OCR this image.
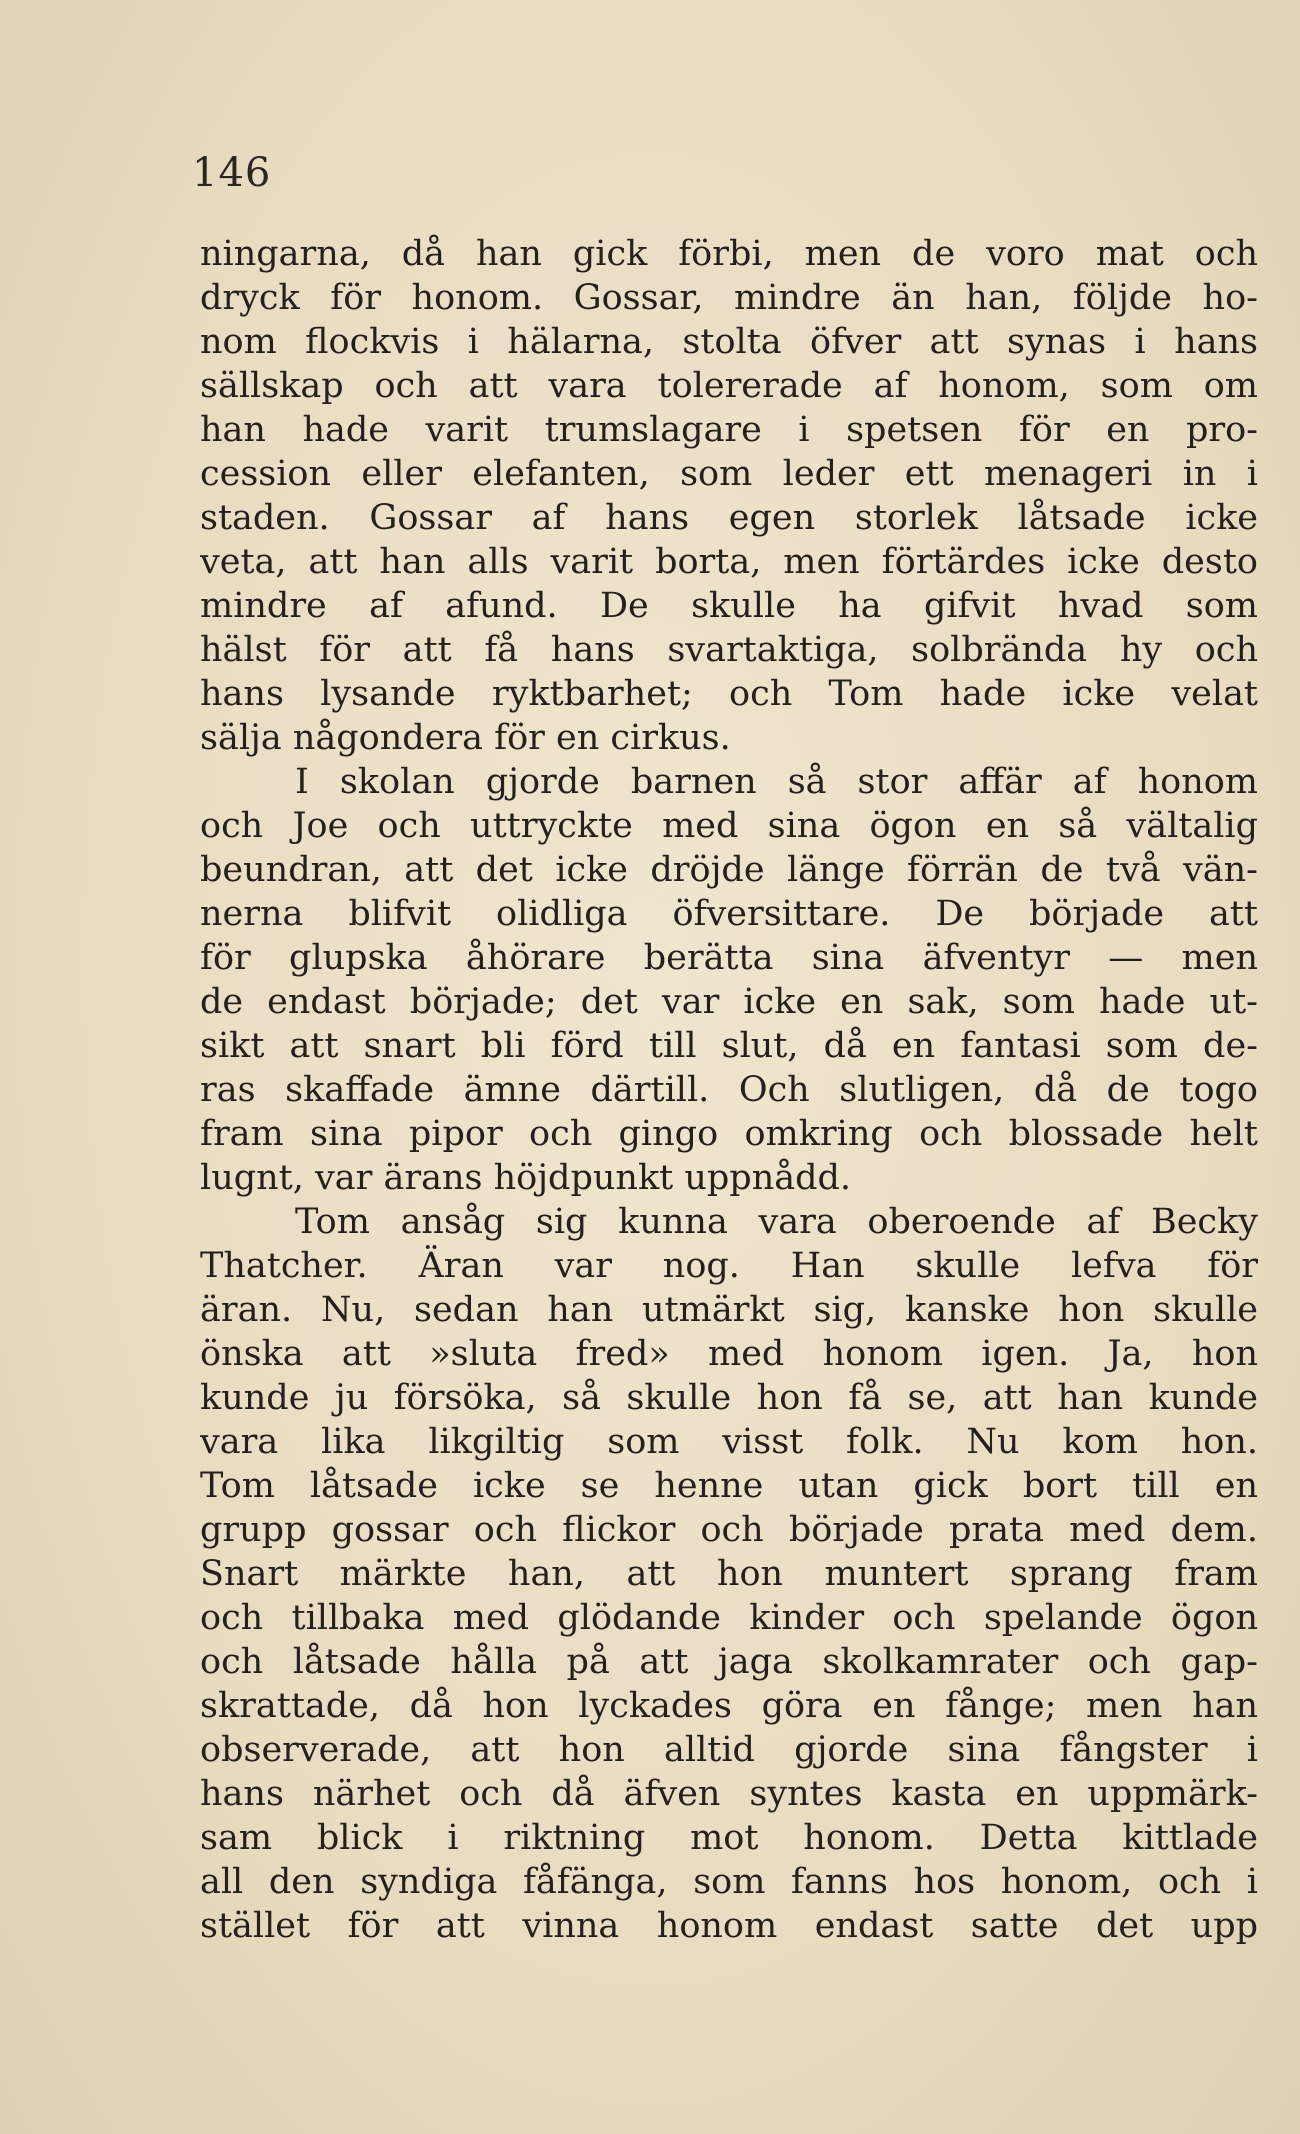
146
ningarna, då han gick förbi, men de voro mat och
dryck för honom. Gossar, mindre än han, följde ho-
nom flockvis i hälarna, stolta öfver att synas i hans
sällskap och att vara tolererade af honom, som om
han hade varit trumslagare i spetsen för en pro-
cession eller elefanten, som leder ett menageri in i
staden. Gossar af hans egen storlek låtsade icke
veta, att han alls varit borta, men förtärdes icke desto
mindre af afund. De skulle ha gifvit hvad som
hälst för att få hans svartaktiga, solbrända hy och
hans lysande ryktbarhet; och Tom hade icke velat
sälja någondera för en cirkus.
I skolan gjorde barnen så stor affär af honom
och Joe och uttryckte med sina ögon en så vältalig
beundran, att det icke dröjde länge förrän de två vän-
nerna blifvit olidliga öfversittare. De började att
för glupska åhörare berätta sina äfventyr — men
de endast började; det var icke en sak, som hade ut-
sikt att snart bli förd till slut, då en fantasi som de-
ras skaffade ämne därtill. Och slutligen, då de togo
fram sina pipor och gingo omkring och blossade helt
lugnt, var ärans höjdpunkt uppnådd.
Tom ansåg sig kunna vara oberoende af Becky
Thatcher. Äran var nog. Han skulle lefva för
äran. Nu, sedan han utmärkt sig, kanske hon skulle
önska att »sluta fred» med honom igen. Ja, hon
kunde ju försöka, så skulle hon få se, att han kunde
vara lika likgiltig som visst folk. Nu kom hon.
Tom låtsade icke se henne utan gick bort till en
grupp gossar och flickor och började prata med dem.
Snart märkte han, att hon muntert sprang fram
och tillbaka med glödande kinder och spelande ögon
och låtsade hålla på att jaga skolkamrater och gap-
skrattade, då hon lyckades göra en fånge; men han
observerade, att hon alltid gjorde sina fångster i
hans närhet och då äfven syntes kasta en uppmärk-
sam blick i riktning mot honom. Detta kittlade
all den syndiga fåfänga, som fanns hos honom, och i
stället för att vinna honom endast satte det upp
